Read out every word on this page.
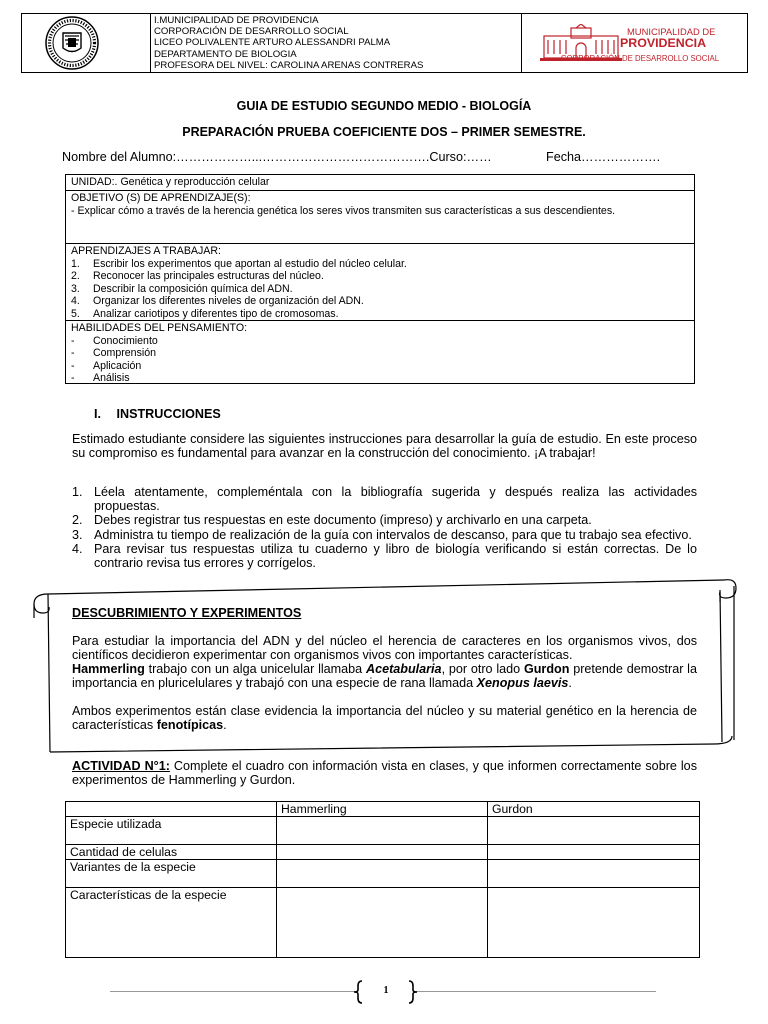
I.MUNICIPALIDAD DE PROVIDENCIA
CORPORACIÓN DE DESARROLLO SOCIAL
LICEO POLIVALENTE ARTURO ALESSANDRI PALMA
DEPARTAMENTO DE BIOLOGIA
PROFESORA DEL NIVEL: CAROLINA ARENAS CONTRERAS
MUNICIPALIDAD DE
PROVIDENCIA
CORPORACIÓN DE DESARROLLO SOCIAL
GUIA DE ESTUDIO SEGUNDO MEDIO - BIOLOGÍA
PREPARACIÓN PRUEBA COEFICIENTE DOS – PRIMER SEMESTRE.
Nombre del Alumno:………………...………………………………….Curso:……	Fecha……………….
UNIDAD:. Genética y reproducción celular
OBJETIVO (S) DE APRENDIZAJE(S):
- Explicar cómo a través de la herencia genética los seres vivos transmiten sus características a sus descendientes.
APRENDIZAJES A TRABAJAR:
1.	Escribir los experimentos que aportan al estudio del núcleo celular.
2.	Reconocer las principales estructuras del núcleo.
3.	Describir la composición química del ADN.
4.	Organizar los diferentes niveles de organización del ADN.
5.	Analizar cariotipos y diferentes tipo de cromosomas.
HABILIDADES DEL PENSAMIENTO:
-	Conocimiento
-	Comprensión
-	Aplicación
-	Análisis
I. INSTRUCCIONES
Estimado estudiante considere las siguientes instrucciones para desarrollar la guía de estudio. En este proceso su compromiso es fundamental para avanzar en la construcción del conocimiento. ¡A trabajar!
1. Léela atentamente, compleméntala con la bibliografía sugerida y después realiza las actividades propuestas.
2. Debes registrar tus respuestas en este documento (impreso) y archivarlo en una carpeta.
3. Administra tu tiempo de realización de la guía con intervalos de descanso, para que tu trabajo sea efectivo.
4. Para revisar tus respuestas utiliza tu cuaderno y libro de biología verificando si están correctas. De lo contrario revisa tus errores y corrígelos.
DESCUBRIMIENTO Y EXPERIMENTOS
Para estudiar la importancia del ADN y del núcleo el herencia de caracteres en los organismos vivos, dos científicos decidieron experimentar con organismos vivos con importantes características.
Hammerling trabajo con un alga unicelular llamaba Acetabularia, por otro lado Gurdon pretende demostrar la importancia en pluricelulares y trabajó con una especie de rana llamada Xenopus laevis.
Ambos experimentos están clase evidencia la importancia del núcleo y su material genético en la herencia de características fenotípicas.
ACTIVIDAD N°1: Complete el cuadro con información vista en clases, y que informen correctamente sobre los experimentos de Hammerling y Gurdon.
	Hammerling	Gurdon
Especie utilizada		
Cantidad de celulas		
Variantes de la especie		
Características de la especie		
1
